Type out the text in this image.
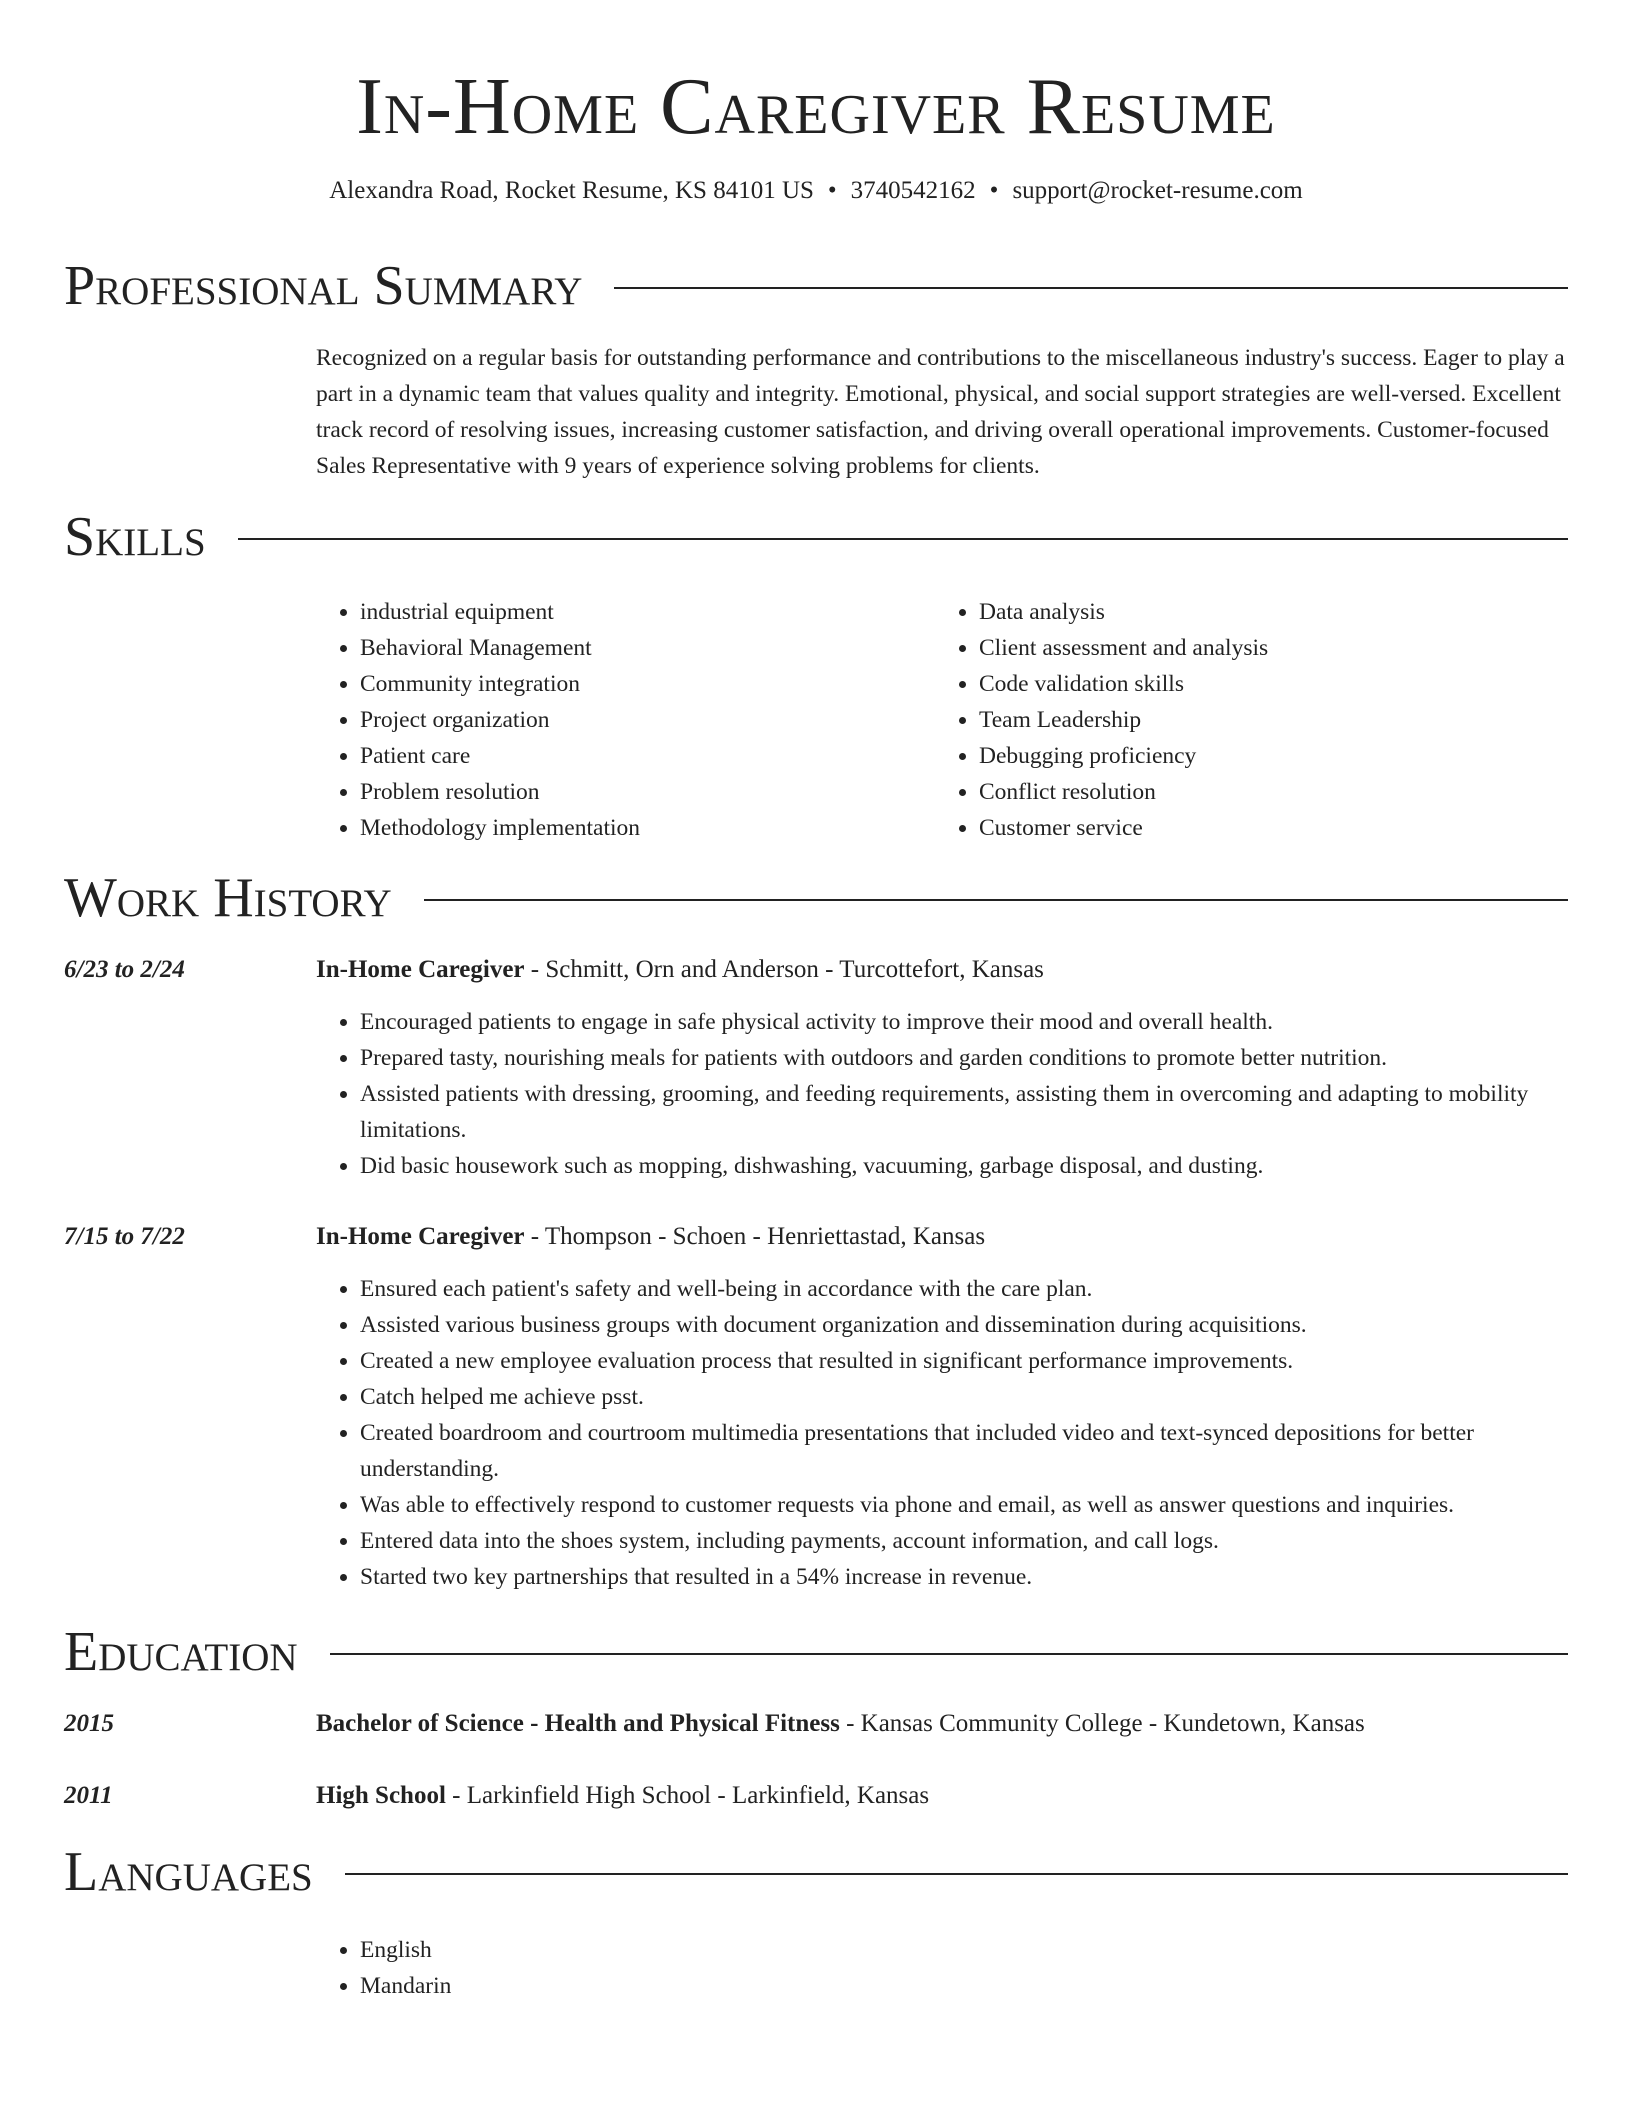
In-Home Caregiver Resume

Alexandra Road, Rocket Resume, KS 84101 US • 3740542162 • support@rocket-resume.com

Professional Summary

Recognized on a regular basis for outstanding performance and contributions to the miscellaneous industry's success. Eager to play a part in a dynamic team that values quality and integrity. Emotional, physical, and social support strategies are well-versed. Excellent track record of resolving issues, increasing customer satisfaction, and driving overall operational improvements. Customer-focused Sales Representative with 9 years of experience solving problems for clients.

Skills
• industrial equipment
• Behavioral Management
• Community integration
• Project organization
• Patient care
• Problem resolution
• Methodology implementation
• Data analysis
• Client assessment and analysis
• Code validation skills
• Team Leadership
• Debugging proficiency
• Conflict resolution
• Customer service
Work History
6/23 to 2/24	In-Home Caregiver - Schmitt, Orn and Anderson - Turcottefort, Kansas
• Encouraged patients to engage in safe physical activity to improve their mood and overall health.
• Prepared tasty, nourishing meals for patients with outdoors and garden conditions to promote better nutrition.
• Assisted patients with dressing, grooming, and feeding requirements, assisting them in overcoming and adapting to mobility limitations.
• Did basic housework such as mopping, dishwashing, vacuuming, garbage disposal, and dusting.
7/15 to 7/22	In-Home Caregiver - Thompson - Schoen - Henriettastad, Kansas
• Ensured each patient's safety and well-being in accordance with the care plan.
• Assisted various business groups with document organization and dissemination during acquisitions.
• Created a new employee evaluation process that resulted in significant performance improvements.
• Catch helped me achieve psst.
• Created boardroom and courtroom multimedia presentations that included video and text-synced depositions for better understanding.
• Was able to effectively respond to customer requests via phone and email, as well as answer questions and inquiries.
• Entered data into the shoes system, including payments, account information, and call logs.
• Started two key partnerships that resulted in a 54% increase in revenue.
Education
2015	Bachelor of Science - Health and Physical Fitness - Kansas Community College - Kundetown, Kansas
2011	High School - Larkinfield High School - Larkinfield, Kansas
Languages
• English
• Mandarin
